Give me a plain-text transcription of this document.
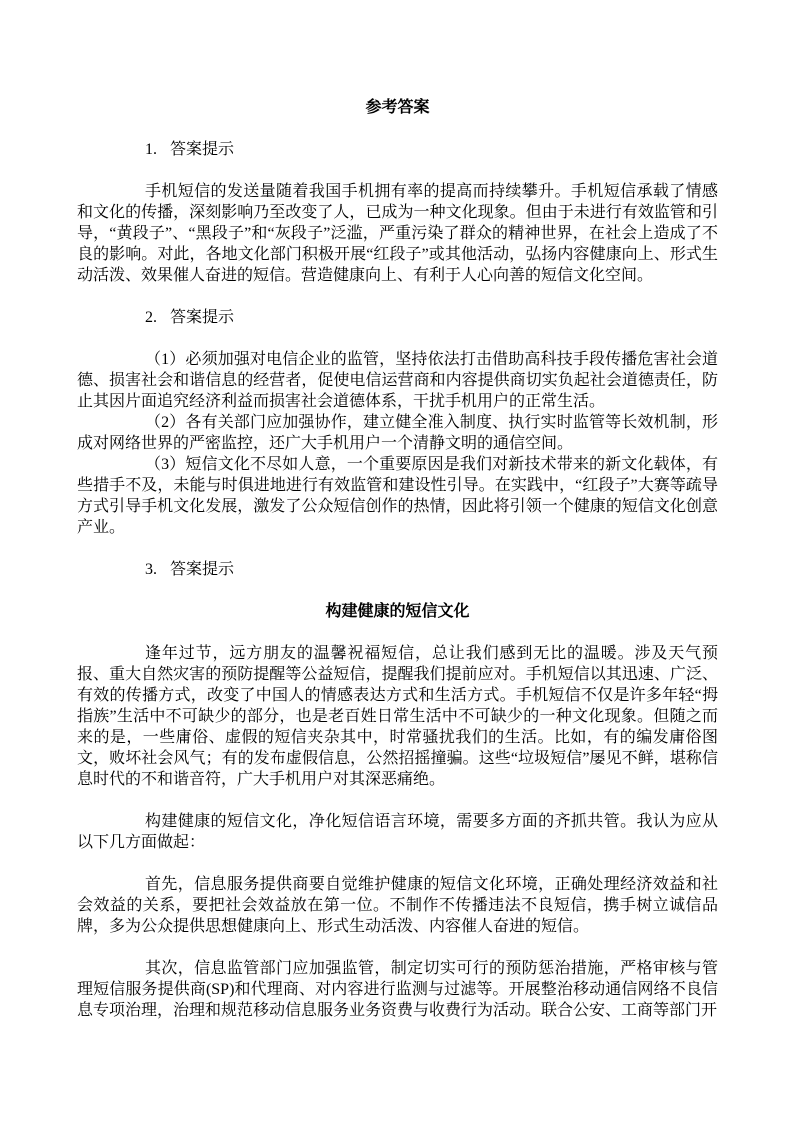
参考答案
1. 答案提示

手机短信的发送量随着我国手机拥有率的提高而持续攀升。手机短信承载了情感和文化的传播，深刻影响乃至改变了人，已成为一种文化现象。但由于未进行有效监管和引导，“黄段子”、“黑段子”和“灰段子”泛滥，严重污染了群众的精神世界，在社会上造成了不良的影响。对此，各地文化部门积极开展“红段子”或其他活动，弘扬内容健康向上、形式生动活泼、效果催人奋进的短信。营造健康向上、有利于人心向善的短信文化空间。

2. 答案提示

（1）必须加强对电信企业的监管，坚持依法打击借助高科技手段传播危害社会道德、损害社会和谐信息的经营者，促使电信运营商和内容提供商切实负起社会道德责任，防止其因片面追究经济利益而损害社会道德体系，干扰手机用户的正常生活。

（2）各有关部门应加强协作，建立健全准入制度、执行实时监管等长效机制，形成对网络世界的严密监控，还广大手机用户一个清静文明的通信空间。

（3）短信文化不尽如人意，一个重要原因是我们对新技术带来的新文化载体，有些措手不及，未能与时俱进地进行有效监管和建设性引导。在实践中，“红段子”大赛等疏导方式引导手机文化发展，激发了公众短信创作的热情，因此将引领一个健康的短信文化创意产业。

3. 答案提示
构建健康的短信文化

逢年过节，远方朋友的温馨祝福短信，总让我们感到无比的温暖。涉及天气预报、重大自然灾害的预防提醒等公益短信，提醒我们提前应对。手机短信以其迅速、广泛、有效的传播方式，改变了中国人的情感表达方式和生活方式。手机短信不仅是许多年轻“拇指族”生活中不可缺少的部分，也是老百姓日常生活中不可缺少的一种文化现象。但随之而来的是，一些庸俗、虚假的短信夹杂其中，时常骚扰我们的生活。比如，有的编发庸俗图文，败坏社会风气；有的发布虚假信息，公然招摇撞骗。这些“垃圾短信”屡见不鲜，堪称信息时代的不和谐音符，广大手机用户对其深恶痛绝。

构建健康的短信文化，净化短信语言环境，需要多方面的齐抓共管。我认为应从以下几方面做起：

首先，信息服务提供商要自觉维护健康的短信文化环境，正确处理经济效益和社会效益的关系，要把社会效益放在第一位。不制作不传播违法不良短信，携手树立诚信品牌，多为公众提供思想健康向上、形式生动活泼、内容催人奋进的短信。

其次，信息监管部门应加强监管，制定切实可行的预防惩治措施，严格审核与管理短信服务提供商(SP)和代理商、对内容进行监测与过滤等。开展整治移动通信网络不良信息专项治理，治理和规范移动信息服务业务资费与收费行为活动。联合公安、工商等部门开
